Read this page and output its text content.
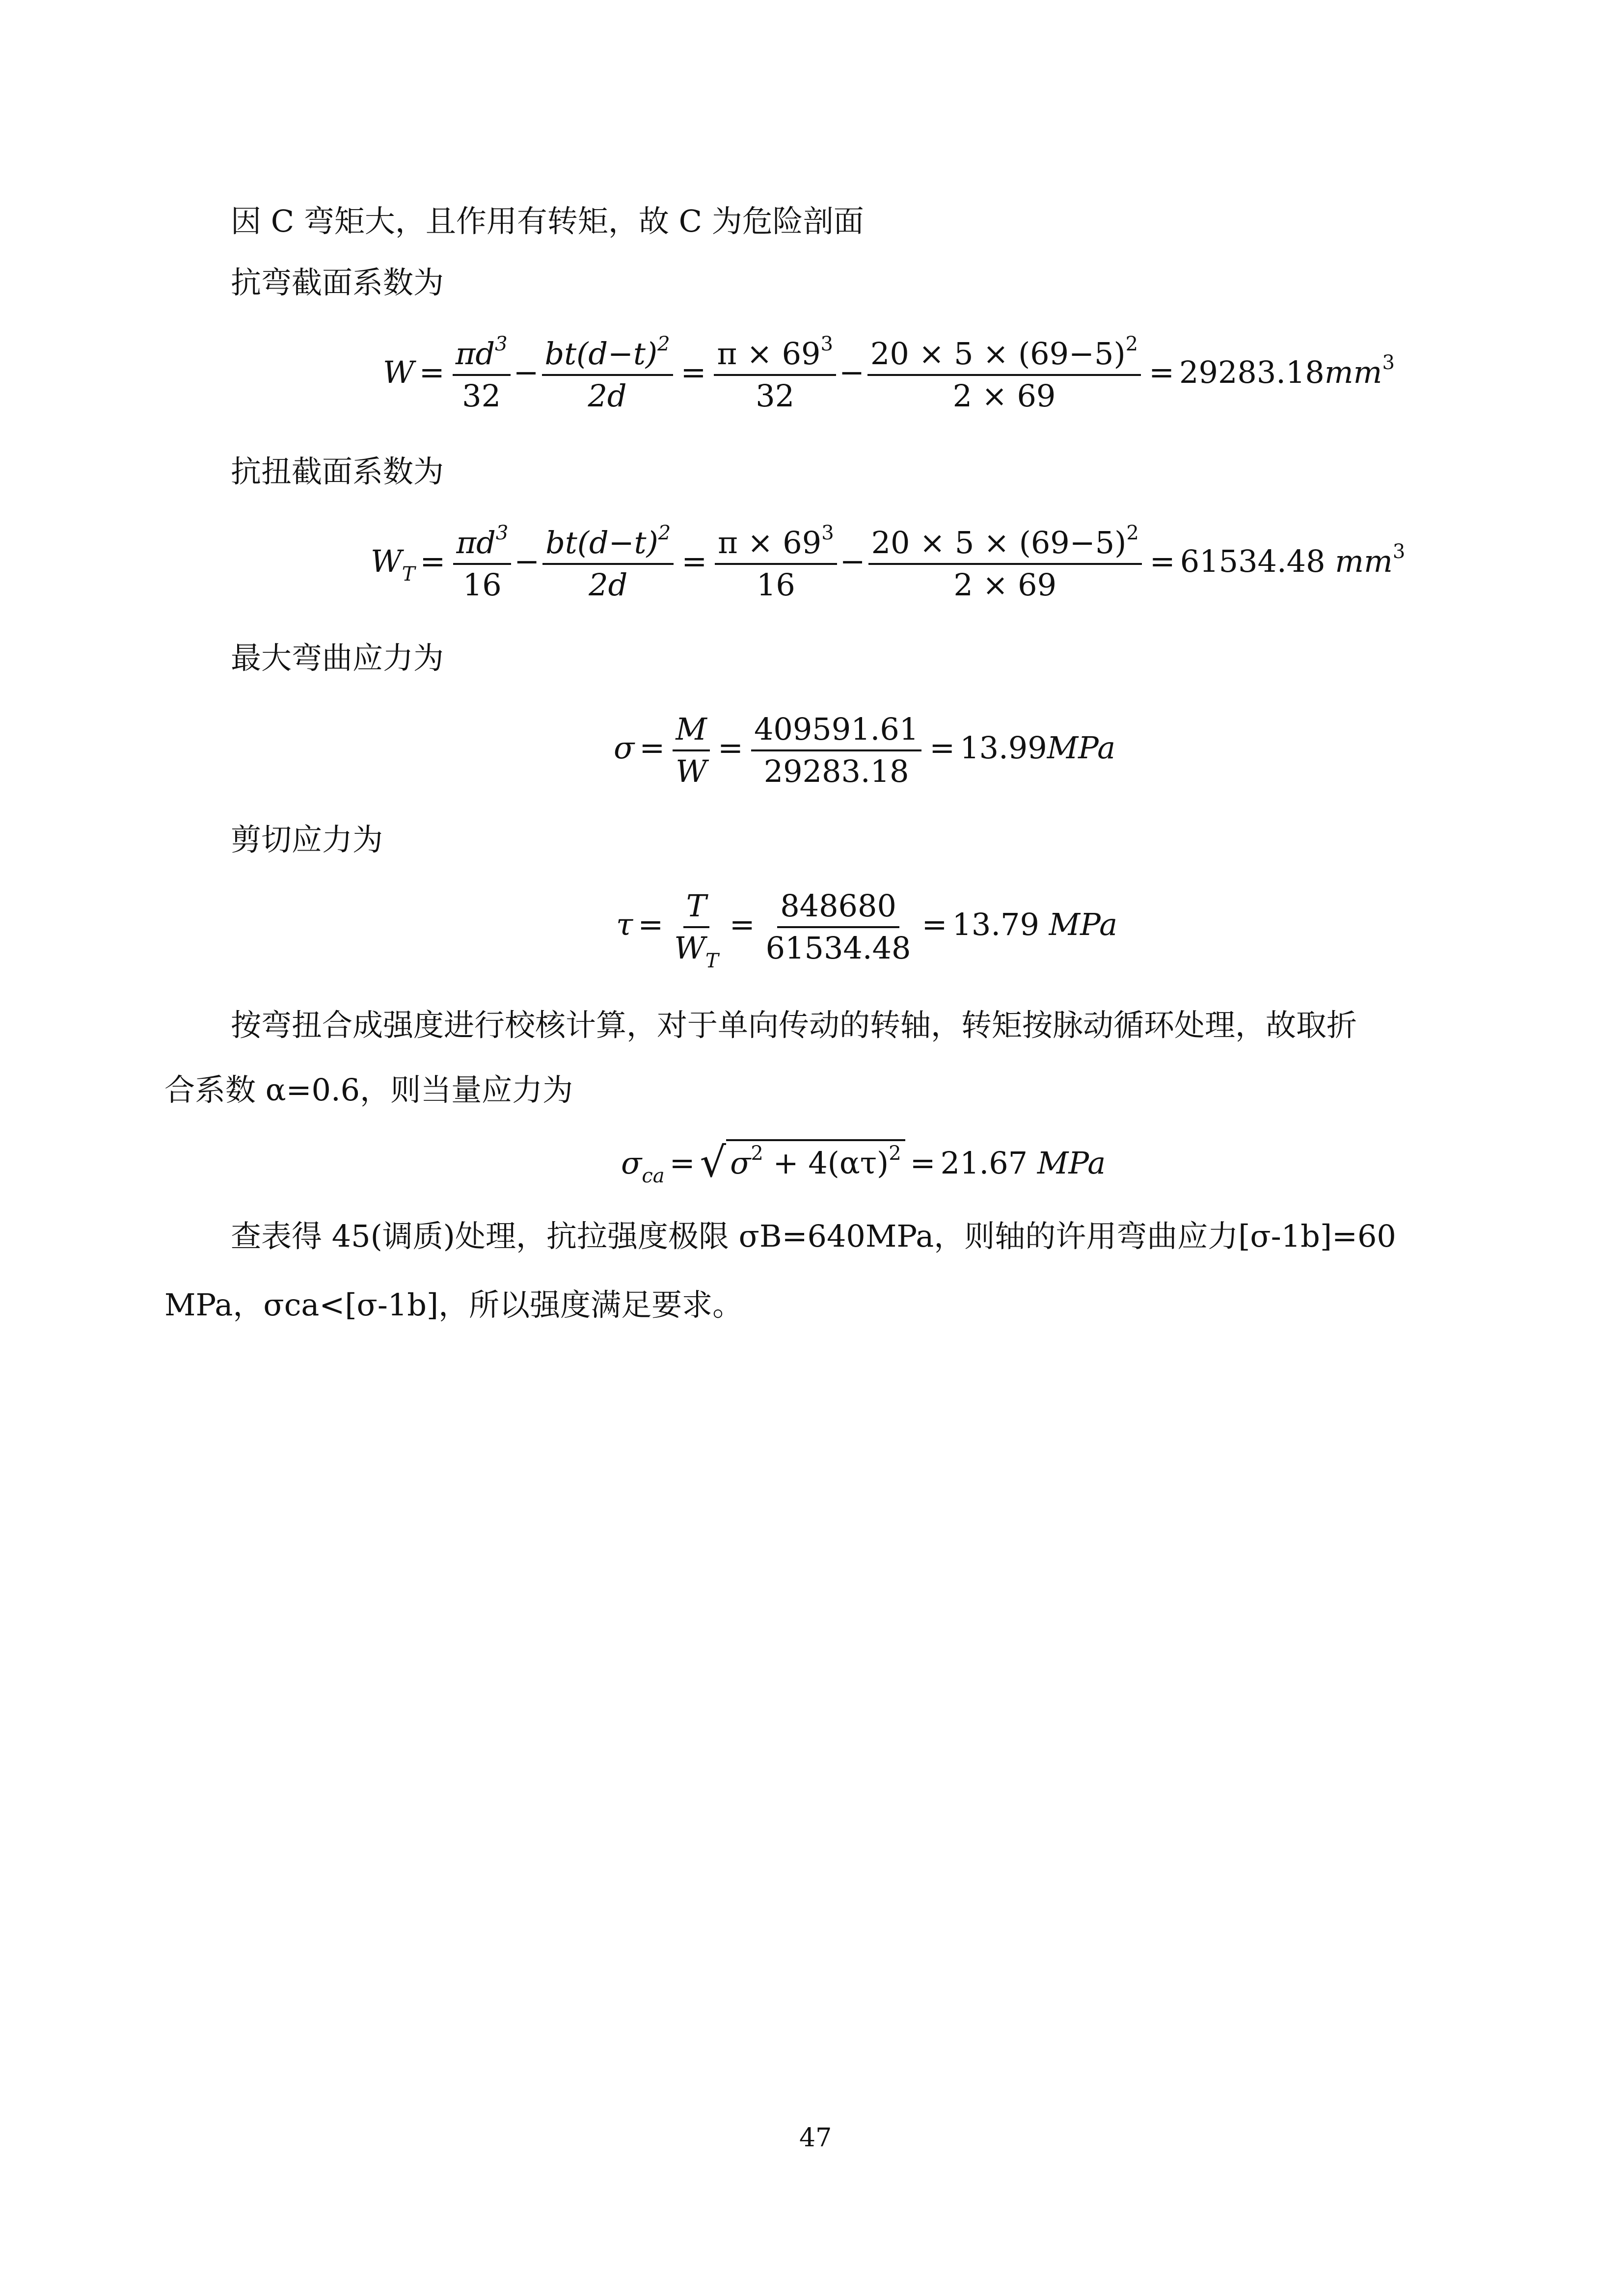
因 C 弯矩大，且作用有转矩，故 C 为危险剖面
抗弯截面系数为
$W = \frac{\pi d^3}{32} - \frac{bt(d-t)^2}{2d} = \frac{\pi \times 69^3}{32} - \frac{20 \times 5 \times (69-5)^2}{2 \times 69} = 29283.18mm^3$
抗扭截面系数为
$W_T = \frac{\pi d^3}{16} - \frac{bt(d-t)^2}{2d} = \frac{\pi \times 69^3}{16} - \frac{20 \times 5 \times (69-5)^2}{2 \times 69} = 61534.48$ $mm^3$
最大弯曲应力为
$\sigma = \frac{M}{W} = \frac{409591.61}{29283.18} = 13.99MPa$
剪切应力为
$\tau = \frac{T}{W_T} = \frac{848680}{61534.48} = 13.79$ MPa
按弯扭合成强度进行校核计算，对于单向传动的转轴，转矩按脉动循环处理，故取折
合系数 α=0.6，则当量应力为
$\sigma_{ca}$ = √ $\sigma^2 + 4(\alpha\tau)^2 = 21.67$ MPa
查表得 45(调质)处理，抗拉强度极限 σB=640MPa，则轴的许用弯曲应力[σ-1b]=60
MPa，σca<[σ-1b]，所以强度满足要求。
47
